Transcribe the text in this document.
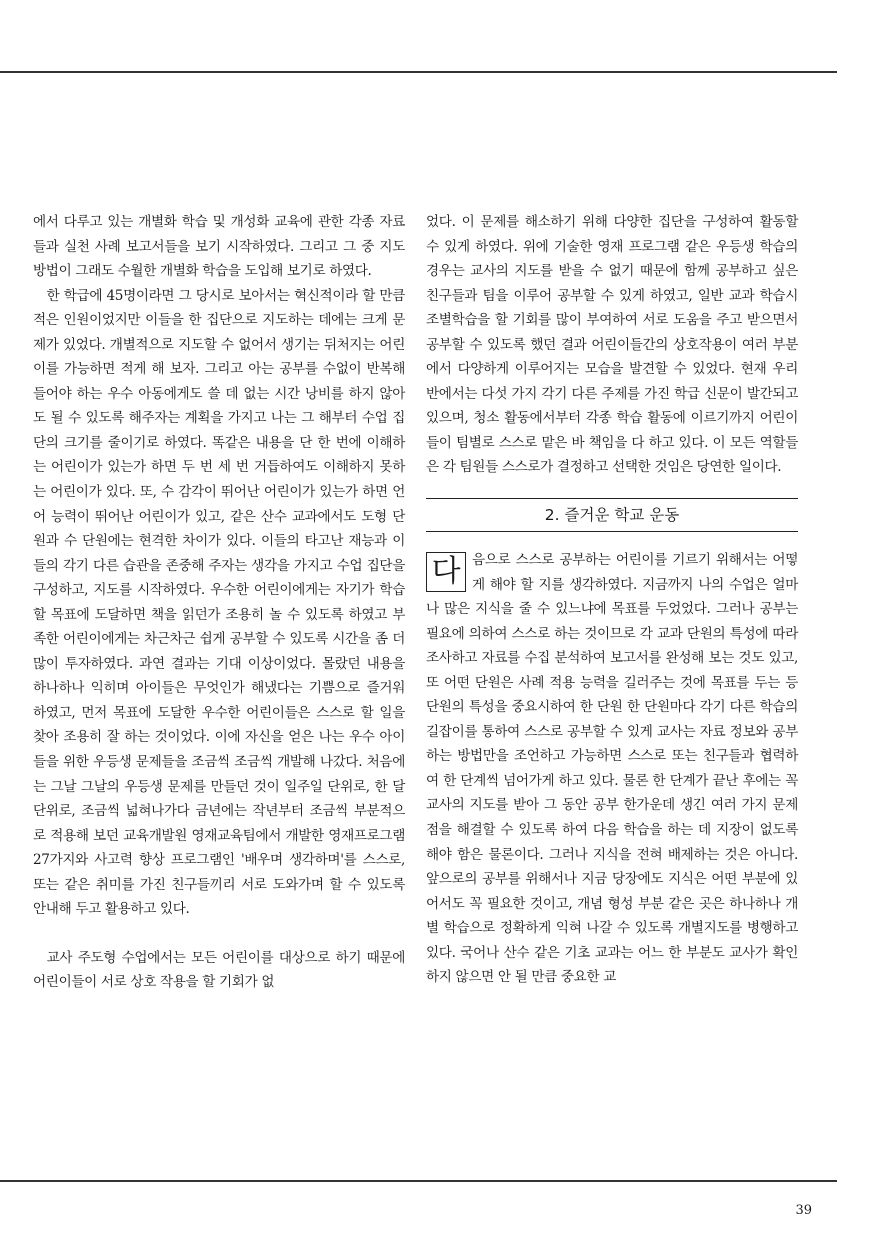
에서 다루고 있는 개별화 학습 및 개성화 교육에 관한 각종 자료들과 실천 사례 보고서들을 보기 시작하였다. 그리고 그 중 지도 방법이 그래도 수월한 개별화 학습을 도입해 보기로 하였다.

한 학급에 45명이라면 그 당시로 보아서는 혁신적이라 할 만큼 적은 인원이었지만 이들을 한 집단으로 지도하는 데에는 크게 문제가 있었다. 개별적으로 지도할 수 없어서 생기는 뒤처지는 어린이를 가능하면 적게 해 보자. 그리고 아는 공부를 수없이 반복해 들어야 하는 우수 아동에게도 쓸 데 없는 시간 낭비를 하지 않아도 될 수 있도록 해주자는 계획을 가지고 나는 그 해부터 수업 집단의 크기를 줄이기로 하였다. 똑같은 내용을 단 한 번에 이해하는 어린이가 있는가 하면 두 번 세 번 거듭하여도 이해하지 못하는 어린이가 있다. 또, 수 감각이 뛰어난 어린이가 있는가 하면 언어 능력이 뛰어난 어린이가 있고, 같은 산수 교과에서도 도형 단원과 수 단원에는 현격한 차이가 있다. 이들의 타고난 재능과 이들의 각기 다른 습관을 존중해 주자는 생각을 가지고 수업 집단을 구성하고, 지도를 시작하였다. 우수한 어린이에게는 자기가 학습할 목표에 도달하면 책을 읽던가 조용히 놀 수 있도록 하였고 부족한 어린이에게는 차근차근 쉽게 공부할 수 있도록 시간을 좀 더 많이 투자하였다. 과연 결과는 기대 이상이었다. 몰랐던 내용을 하나하나 익히며 아이들은 무엇인가 해냈다는 기쁨으로 즐거워 하였고, 먼저 목표에 도달한 우수한 어린이들은 스스로 할 일을 찾아 조용히 잘 하는 것이었다. 이에 자신을 얻은 나는 우수 아이들을 위한 우등생 문제들을 조금씩 조금씩 개발해 나갔다. 처음에는 그날 그날의 우등생 문제를 만들던 것이 일주일 단위로, 한 달 단위로, 조금씩 넓혀나가다 금년에는 작년부터 조금씩 부분적으로 적용해 보던 교육개발원 영재교육팀에서 개발한 영재프로그램 27가지와 사고력 향상 프로그램인 '배우며 생각하며'를 스스로, 또는 같은 취미를 가진 친구들끼리 서로 도와가며 할 수 있도록 안내해 두고 활용하고 있다.

교사 주도형 수업에서는 모든 어린이를 대상으로 하기 때문에 어린이들이 서로 상호 작용을 할 기회가 없

었다. 이 문제를 해소하기 위해 다양한 집단을 구성하여 활동할 수 있게 하였다. 위에 기술한 영재 프로그램 같은 우등생 학습의 경우는 교사의 지도를 받을 수 없기 때문에 함께 공부하고 싶은 친구들과 팀을 이루어 공부할 수 있게 하였고, 일반 교과 학습시 조별학습을 할 기회를 많이 부여하여 서로 도움을 주고 받으면서 공부할 수 있도록 했던 결과 어린이들간의 상호작용이 여러 부분에서 다양하게 이루어지는 모습을 발견할 수 있었다. 현재 우리 반에서는 다섯 가지 각기 다른 주제를 가진 학급 신문이 발간되고 있으며, 청소 활동에서부터 각종 학습 활동에 이르기까지 어린이들이 팀별로 스스로 맡은 바 책임을 다 하고 있다. 이 모든 역할들은 각 팀원들 스스로가 결정하고 선택한 것임은 당연한 일이다.

2. 즐거운 학교 운동
다 음으로 스스로 공부하는 어린이를 기르기 위해서는 어떻게 해야 할 지를 생각하였다. 지금까지 나의 수업은 얼마나 많은 지식을 줄 수 있느냐에 목표를 두었었다. 그러나 공부는 필요에 의하여 스스로 하는 것이므로 각 교과 단원의 특성에 따라 조사하고 자료를 수집 분석하여 보고서를 완성해 보는 것도 있고, 또 어떤 단원은 사례 적용 능력을 길러주는 것에 목표를 두는 등 단원의 특성을 중요시하여 한 단원 한 단원마다 각기 다른 학습의 길잡이를 통하여 스스로 공부할 수 있게 교사는 자료 정보와 공부하는 방법만을 조언하고 가능하면 스스로 또는 친구들과 협력하여 한 단계씩 넘어가게 하고 있다. 물론 한 단계가 끝난 후에는 꼭 교사의 지도를 받아 그 동안 공부 한가운데 생긴 여러 가지 문제점을 해결할 수 있도록 하여 다음 학습을 하는 데 지장이 없도록 해야 함은 물론이다. 그러나 지식을 전혀 배제하는 것은 아니다. 앞으로의 공부를 위해서나 지금 당장에도 지식은 어떤 부분에 있어서도 꼭 필요한 것이고, 개념 형성 부분 같은 곳은 하나하나 개별 학습으로 정확하게 익혀 나갈 수 있도록 개별지도를 병행하고 있다. 국어나 산수 같은 기초 교과는 어느 한 부분도 교사가 확인하지 않으면 안 될 만큼 중요한 교

39
